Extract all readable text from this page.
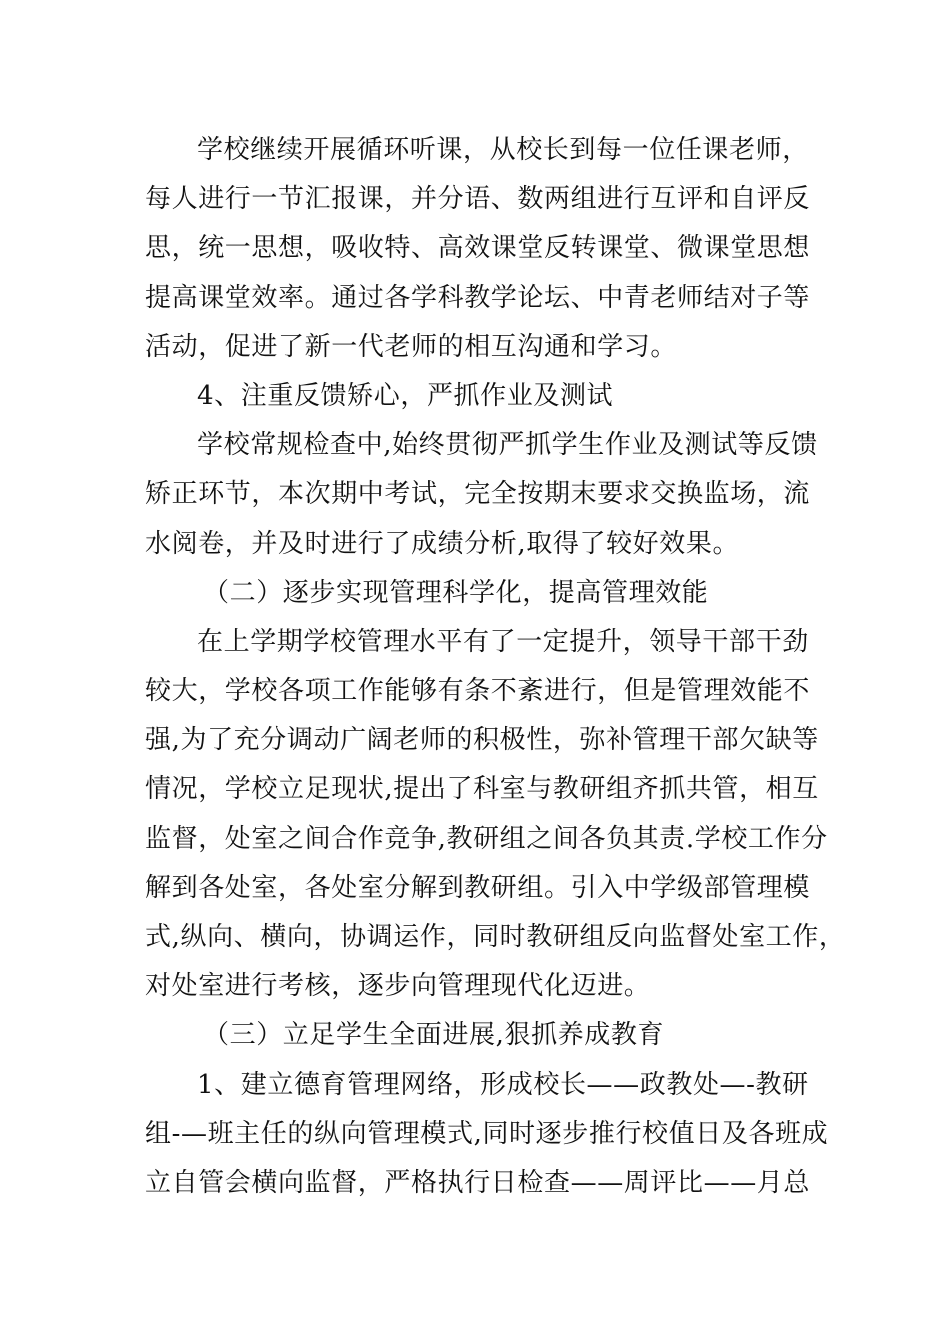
学校继续开展循环听课，从校长到每一位任课老师，
每人进行一节汇报课，并分语、数两组进行互评和自评反
思，统一思想，吸收特、高效课堂反转课堂、微课堂思想
提高课堂效率。通过各学科教学论坛、中青老师结对子等
活动，促进了新一代老师的相互沟通和学习。
4、注重反馈矫心，严抓作业及测试
学校常规检查中,始终贯彻严抓学生作业及测试等反馈
矫正环节，本次期中考试，完全按期末要求交换监场，流
水阅卷，并及时进行了成绩分析,取得了较好效果。
（二）逐步实现管理科学化，提高管理效能
在上学期学校管理水平有了一定提升，领导干部干劲
较大，学校各项工作能够有条不紊进行，但是管理效能不
强,为了充分调动广阔老师的积极性，弥补管理干部欠缺等
情况，学校立足现状,提出了科室与教研组齐抓共管，相互
监督，处室之间合作竞争,教研组之间各负其责.学校工作分
解到各处室，各处室分解到教研组。引入中学级部管理模
式,纵向、横向，协调运作，同时教研组反向监督处室工作，
对处室进行考核，逐步向管理现代化迈进。
（三）立足学生全面进展,狠抓养成教育
1、建立德育管理网络，形成校长——政教处—-教研
组-—班主任的纵向管理模式,同时逐步推行校值日及各班成
立自管会横向监督，严格执行日检查——周评比——月总
